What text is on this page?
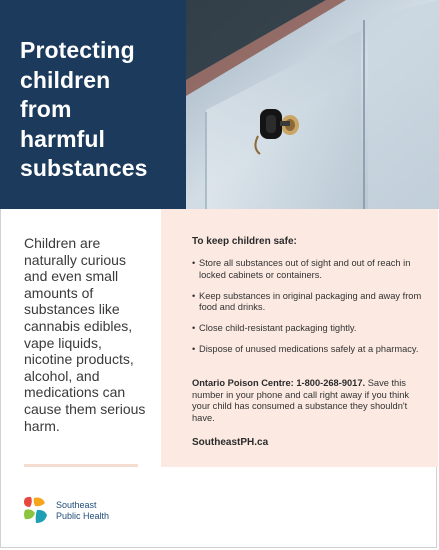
Protecting
children
from
harmful
substances
Children are naturally curious and even small amounts of substances like cannabis edibles, vape liquids, nicotine products, alcohol, and medications can cause them serious harm.
To keep children safe:
• Store all substances out of sight and out of reach in locked cabinets or containers.
• Keep substances in original packaging and away from food and drinks.
• Close child-resistant packaging tightly.
• Dispose of unused medications safely at a pharmacy.
Ontario Poison Centre: 1-800-268-9017. Save this number in your phone and call right away if you think your child has consumed a substance they shouldn't have.
SoutheastPH.ca
Southeast
Public Health
